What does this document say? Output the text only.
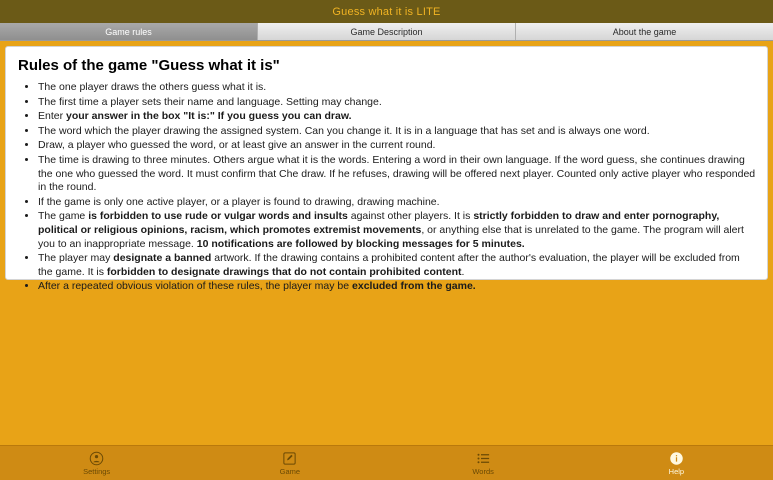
Guess what it is LITE
Game rules	Game Description	About the game
Rules of the game "Guess what it is"
• The one player draws the others guess what it is.
• The first time a player sets their name and language. Setting may change.
• Enter your answer in the box "It is:" If you guess you can draw.
• The word which the player drawing the assigned system. Can you change it. It is in a language that has set and is always one word.
• Draw, a player who guessed the word, or at least give an answer in the current round.
• The time is drawing to three minutes. Others argue what it is the words. Entering a word in their own language. If the word guess, she continues drawing the one who guessed the word. It must confirm that Che draw. If he refuses, drawing will be offered next player. Counted only active player who responded in the round.
• If the game is only one active player, or a player is found to drawing, drawing machine.
• The game is forbidden to use rude or vulgar words and insults against other players. It is strictly forbidden to draw and enter pornography, political or religious opinions, racism, which promotes extremist movements, or anything else that is unrelated to the game. The program will alert you to an inappropriate message. 10 notifications are followed by blocking messages for 5 minutes.
• The player may designate a banned artwork. If the drawing contains a prohibited content after the author's evaluation, the player will be excluded from the game. It is forbidden to designate drawings that do not contain prohibited content.
• After a repeated obvious violation of these rules, the player may be excluded from the game.
Settings	Game	Words	Help
